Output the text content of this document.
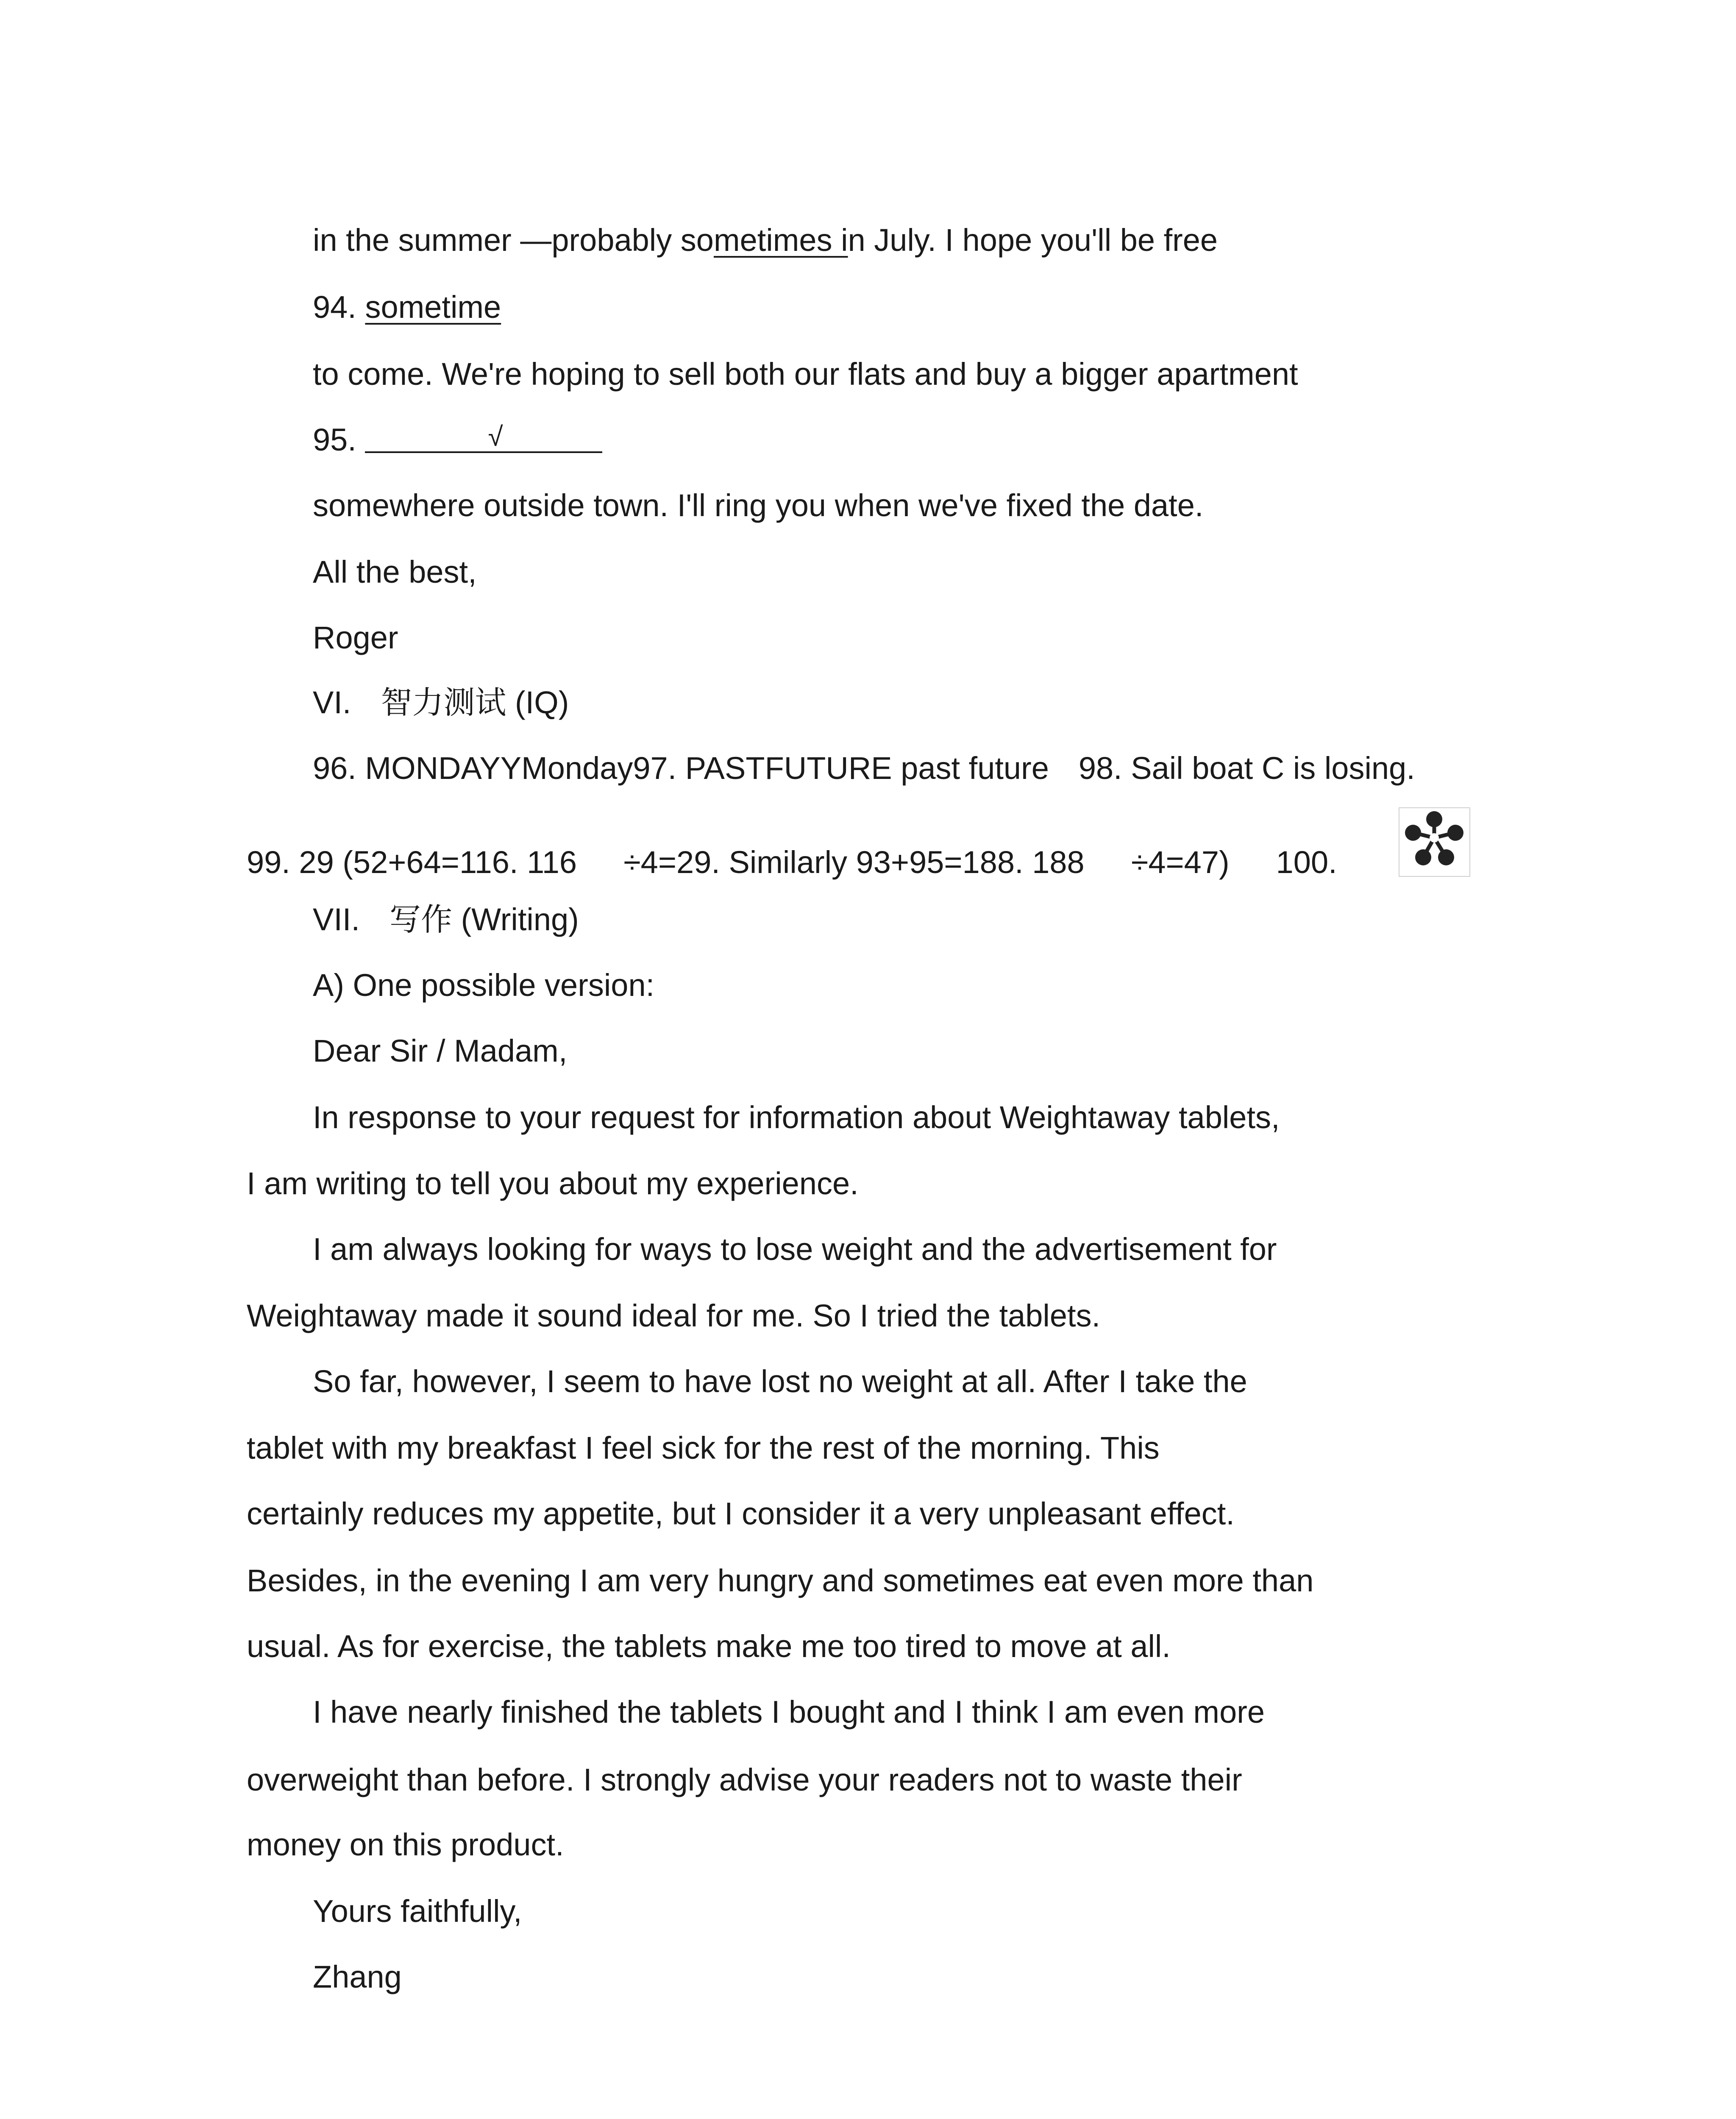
in the summer —probably sometimes in July. I hope you'll be free
94. sometime
to come. We're hoping to sell both our flats and buy a bigger apartment
95.	√
somewhere outside town. I'll ring you when we've fixed the date.
All the best,
Roger
VI. 智力测试 (IQ)
96. MONDAYYMonday97. PASTFUTURE past future 98. Sail boat C is losing.
99. 29 (52+64=116. 116 ÷4=29. Similarly 93+95=188. 188 ÷4=47) 100.
VII. 写作 (Writing)
A) One possible version:
Dear Sir / Madam,
In response to your request for information about Weightaway tablets,
I am writing to tell you about my experience.
I am always looking for ways to lose weight and the advertisement for
Weightaway made it sound ideal for me. So I tried the tablets.
So far, however, I seem to have lost no weight at all. After I take the
tablet with my breakfast I feel sick for the rest of the morning. This
certainly reduces my appetite, but I consider it a very unpleasant effect.
Besides, in the evening I am very hungry and sometimes eat even more than
usual. As for exercise, the tablets make me too tired to move at all.
I have nearly finished the tablets I bought and I think I am even more
overweight than before. I strongly advise your readers not to waste their
money on this product.
Yours faithfully,
Zhang
